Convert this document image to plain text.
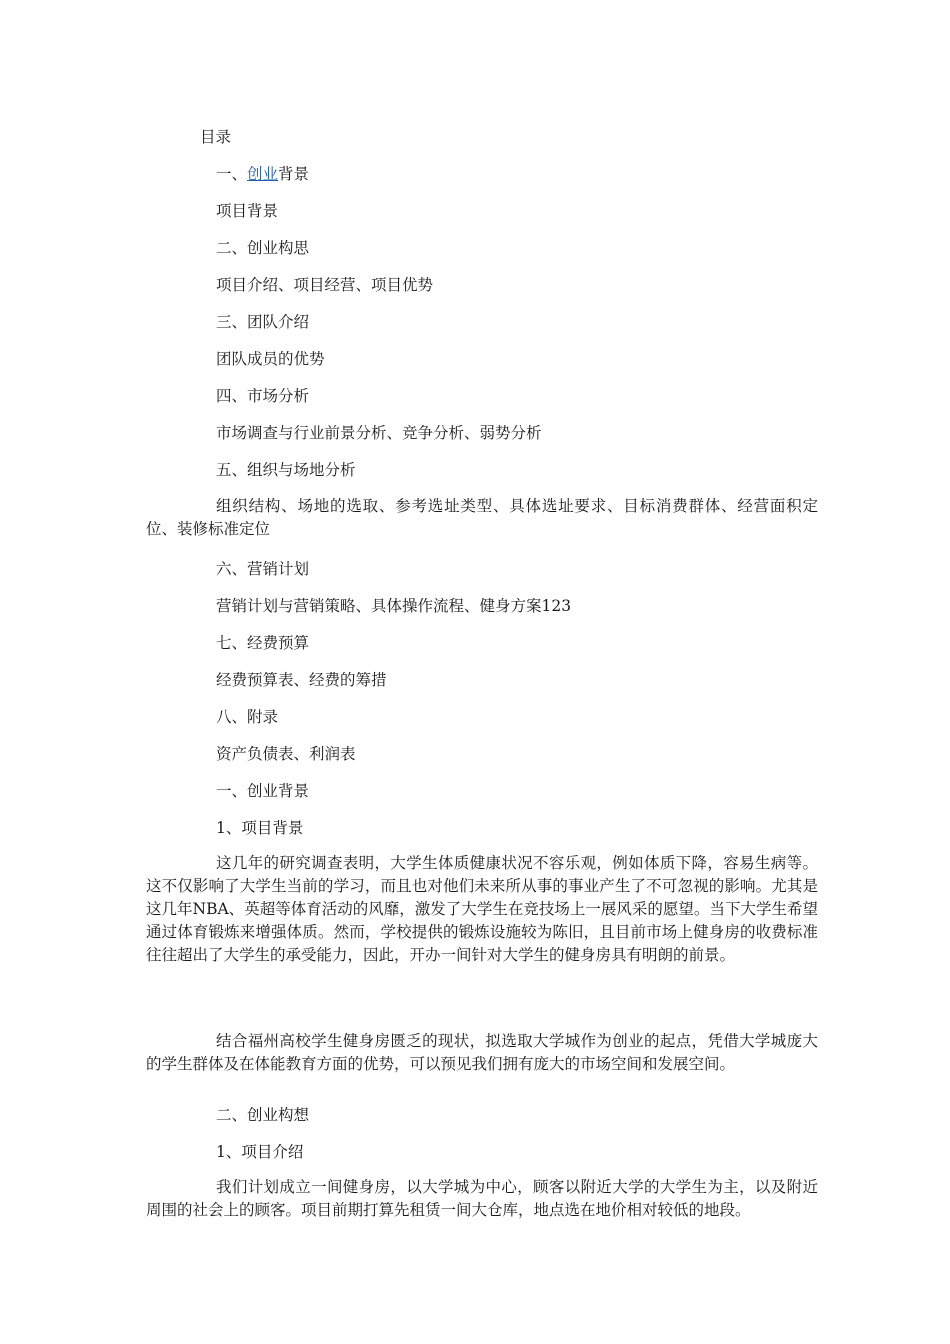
目录
一、创业背景
项目背景
二、创业构思
项目介绍、项目经营、项目优势
三、团队介绍
团队成员的优势
四、市场分析
市场调查与行业前景分析、竞争分析、弱势分析
五、组织与场地分析
组织结构、场地的选取、参考选址类型、具体选址要求、目标消费群体、经营面积定位、装修标准定位
六、营销计划
营销计划与营销策略、具体操作流程、健身方案123
七、经费预算
经费预算表、经费的筹措
八、附录
资产负债表、利润表
一、创业背景
1、项目背景
这几年的研究调查表明，大学生体质健康状况不容乐观，例如体质下降，容易生病等。这不仅影响了大学生当前的学习，而且也对他们未来所从事的事业产生了不可忽视的影响。尤其是这几年NBA、英超等体育活动的风靡，激发了大学生在竞技场上一展风采的愿望。当下大学生希望通过体育锻炼来增强体质。然而，学校提供的锻炼设施较为陈旧，且目前市场上健身房的收费标准往往超出了大学生的承受能力，因此，开办一间针对大学生的健身房具有明朗的前景。
结合福州高校学生健身房匮乏的现状，拟选取大学城作为创业的起点，凭借大学城庞大的学生群体及在体能教育方面的优势，可以预见我们拥有庞大的市场空间和发展空间。
二、创业构想
1、项目介绍
我们计划成立一间健身房，以大学城为中心，顾客以附近大学的大学生为主，以及附近周围的社会上的顾客。项目前期打算先租赁一间大仓库，地点选在地价相对较低的地段。
